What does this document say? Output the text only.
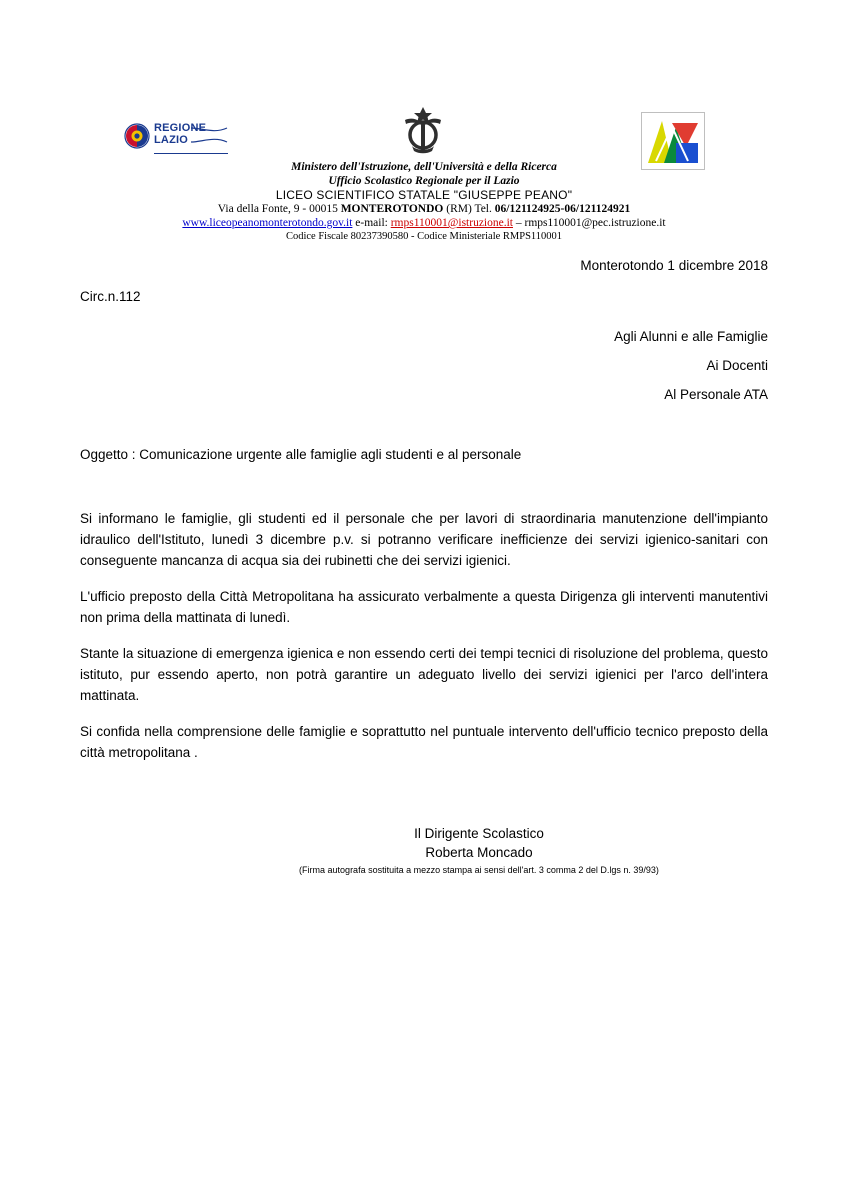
REGIONE
LAZIO
Ministero dell'Istruzione, dell'Università e della Ricerca
Ufficio Scolastico Regionale per il Lazio
LICEO SCIENTIFICO STATALE "GIUSEPPE PEANO"
Via della Fonte, 9 - 00015 MONTEROTONDO (RM) Tel. 06/121124925-06/121124921
www.liceopeanomonterotondo.gov.it e-mail: rmps110001@istruzione.it – rmps110001@pec.istruzione.it
Codice Fiscale 80237390580 - Codice Ministeriale RMPS110001
Monterotondo 1 dicembre 2018
Circ.n.112
Agli Alunni e alle Famiglie
Ai Docenti
Al Personale ATA
Oggetto : Comunicazione urgente alle famiglie agli studenti e al personale

Si informano le famiglie, gli studenti ed il personale che per lavori di straordinaria manutenzione dell'impianto idraulico dell'Istituto, lunedì 3 dicembre p.v. si potranno verificare inefficienze dei servizi igienico-sanitari con conseguente mancanza di acqua sia dei rubinetti che dei servizi igienici.

L'ufficio preposto della Città Metropolitana ha assicurato verbalmente a questa Dirigenza gli interventi manutentivi non prima della mattinata di lunedì.

Stante la situazione di emergenza igienica e non essendo certi dei tempi tecnici di risoluzione del problema, questo istituto, pur essendo aperto, non potrà garantire un adeguato livello dei servizi igienici per l'arco dell'intera mattinata.

Si confida nella comprensione delle famiglie e soprattutto nel puntuale intervento dell'ufficio tecnico preposto della città metropolitana .

Il Dirigente Scolastico
Roberta Moncado
(Firma autografa sostituita a mezzo stampa ai sensi dell'art. 3 comma 2 del D.lgs n. 39/93)
